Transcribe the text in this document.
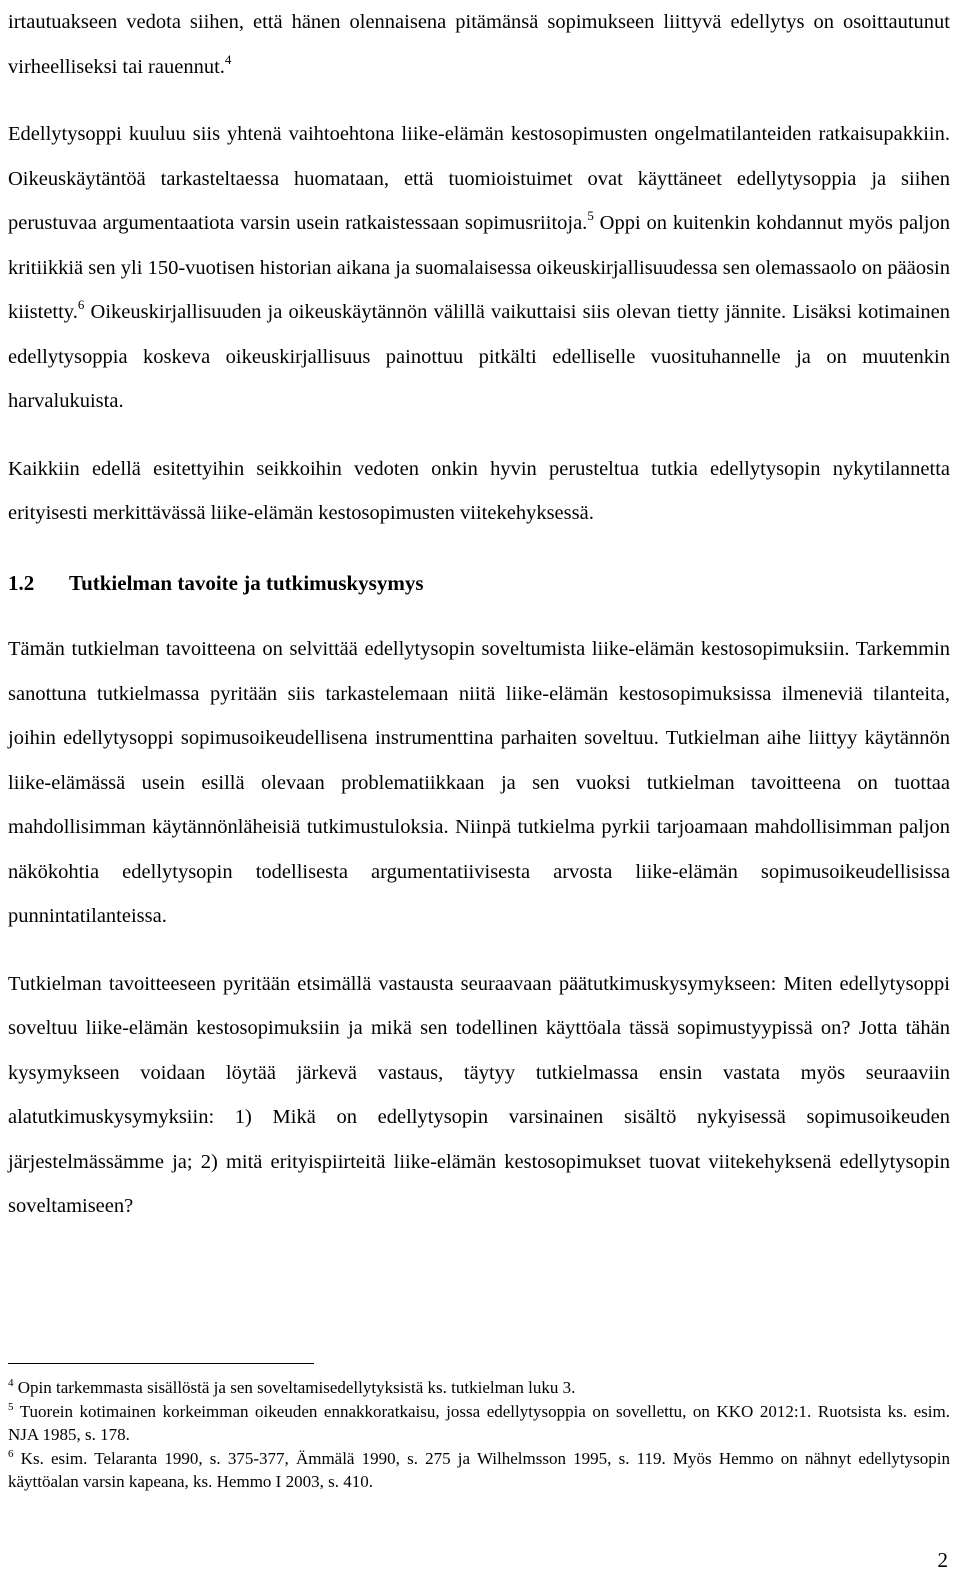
irtautuakseen vedota siihen, että hänen olennaisena pitämänsä sopimukseen liittyvä edellytys on osoittautunut virheelliseksi tai rauennut.$^4$

Edellytysoppi kuuluu siis yhtenä vaihtoehtona liike-elämän kestosopimusten ongelmatilanteiden ratkaisupakkiin. Oikeuskäytäntöä tarkasteltaessa huomataan, että tuomioistuimet ovat käyttäneet edellytysoppia ja siihen perustuvaa argumentaatiota varsin usein ratkaistessaan sopimusriitoja.$^5$ Oppi on kuitenkin kohdannut myös paljon kritiikkiä sen yli 150-vuotisen historian aikana ja suomalaisessa oikeuskirjallisuudessa sen olemassaolo on pääosin kiistetty.$^6$ Oikeuskirjallisuuden ja oikeuskäytännön välillä vaikuttaisi siis olevan tietty jännite. Lisäksi kotimainen edellytysoppia koskeva oikeuskirjallisuus painottuu pitkälti edelliselle vuosituhannelle ja on muutenkin harvalukuista.

Kaikkiin edellä esitettyihin seikkoihin vedoten onkin hyvin perusteltua tutkia edellytysopin nykytilannetta erityisesti merkittävässä liike-elämän kestosopimusten viitekehyksessä.

1.2 Tutkielman tavoite ja tutkimuskysymys

Tämän tutkielman tavoitteena on selvittää edellytysopin soveltumista liike-elämän kestosopimuksiin. Tarkemmin sanottuna tutkielmassa pyritään siis tarkastelemaan niitä liike-elämän kestosopimuksissa ilmeneviä tilanteita, joihin edellytysoppi sopimusoikeudellisena instrumenttina parhaiten soveltuu. Tutkielman aihe liittyy käytännön liike-elämässä usein esillä olevaan problematiikkaan ja sen vuoksi tutkielman tavoitteena on tuottaa mahdollisimman käytännönläheisiä tutkimustuloksia. Niinpä tutkielma pyrkii tarjoamaan mahdollisimman paljon näkökohtia edellytysopin todellisesta argumentatiivisesta arvosta liike-elämän sopimusoikeudellisissa punnintatilanteissa.

Tutkielman tavoitteeseen pyritään etsimällä vastausta seuraavaan päätutkimuskysymykseen: Miten edellytysoppi soveltuu liike-elämän kestosopimuksiin ja mikä sen todellinen käyttöala tässä sopimustyypissä on? Jotta tähän kysymykseen voidaan löytää järkevä vastaus, täytyy tutkielmassa ensin vastata myös seuraaviin alatutkimuskysymyksiin: 1) Mikä on edellytysopin varsinainen sisältö nykyisessä sopimusoikeuden järjestelmässämme ja; 2) mitä erityispiirteitä liike-elämän kestosopimukset tuovat viitekehyksenä edellytysopin soveltamiseen?

$^4$ Opin tarkemmasta sisällöstä ja sen soveltamisedellytyksistä ks. tutkielman luku 3.

$^5$ Tuorein kotimainen korkeimman oikeuden ennakkoratkaisu, jossa edellytysoppia on sovellettu, on KKO 2012:1. Ruotsista ks. esim. NJA 1985, s. 178.

$^6$ Ks. esim. Telaranta 1990, s. 375-377, Ämmälä 1990, s. 275 ja Wilhelmsson 1995, s. 119. Myös Hemmo on nähnyt edellytysopin käyttöalan varsin kapeana, ks. Hemmo I 2003, s. 410.

2
